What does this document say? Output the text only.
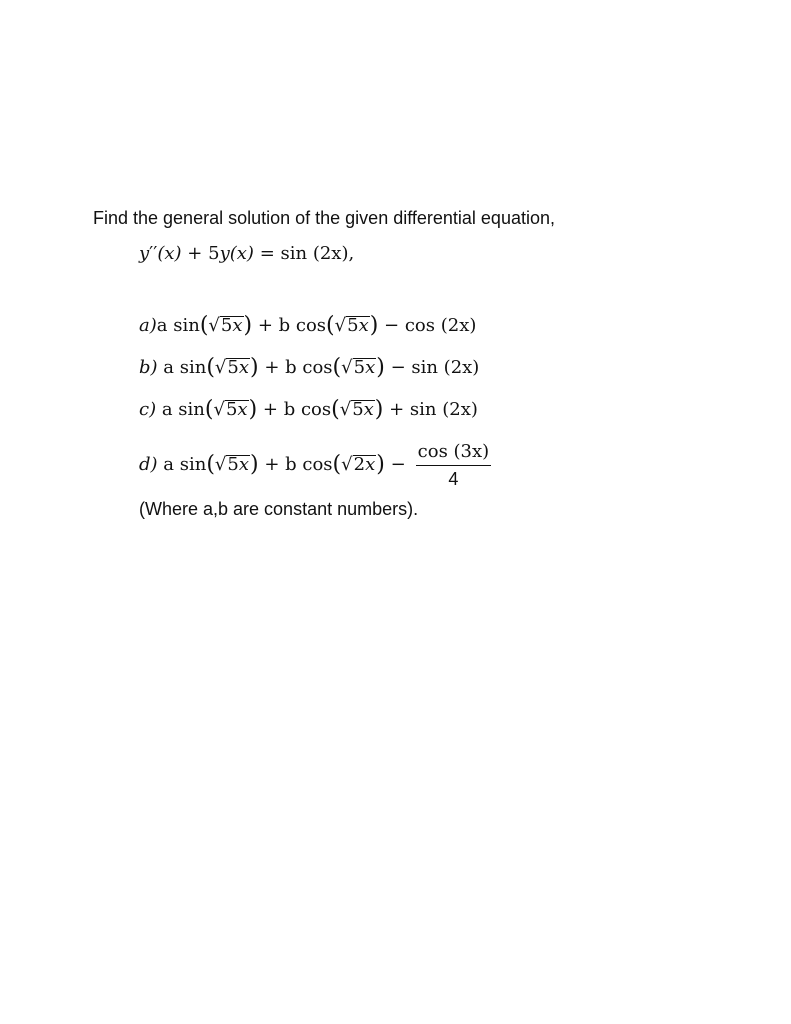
Find the general solution of the given differential equation,
y′′(x) + 5y(x) = sin (2x),
a)a sin(√5x) + b cos(√5x) − cos (2x)
b) a sin(√5x) + b cos(√5x) − sin (2x)
c) a sin(√5x) + b cos(√5x) + sin (2x)
d) a sin(√5x) + b $\cos(√2x) - \frac{\cos (3x)}{4}$
(Where a,b are constant numbers).
